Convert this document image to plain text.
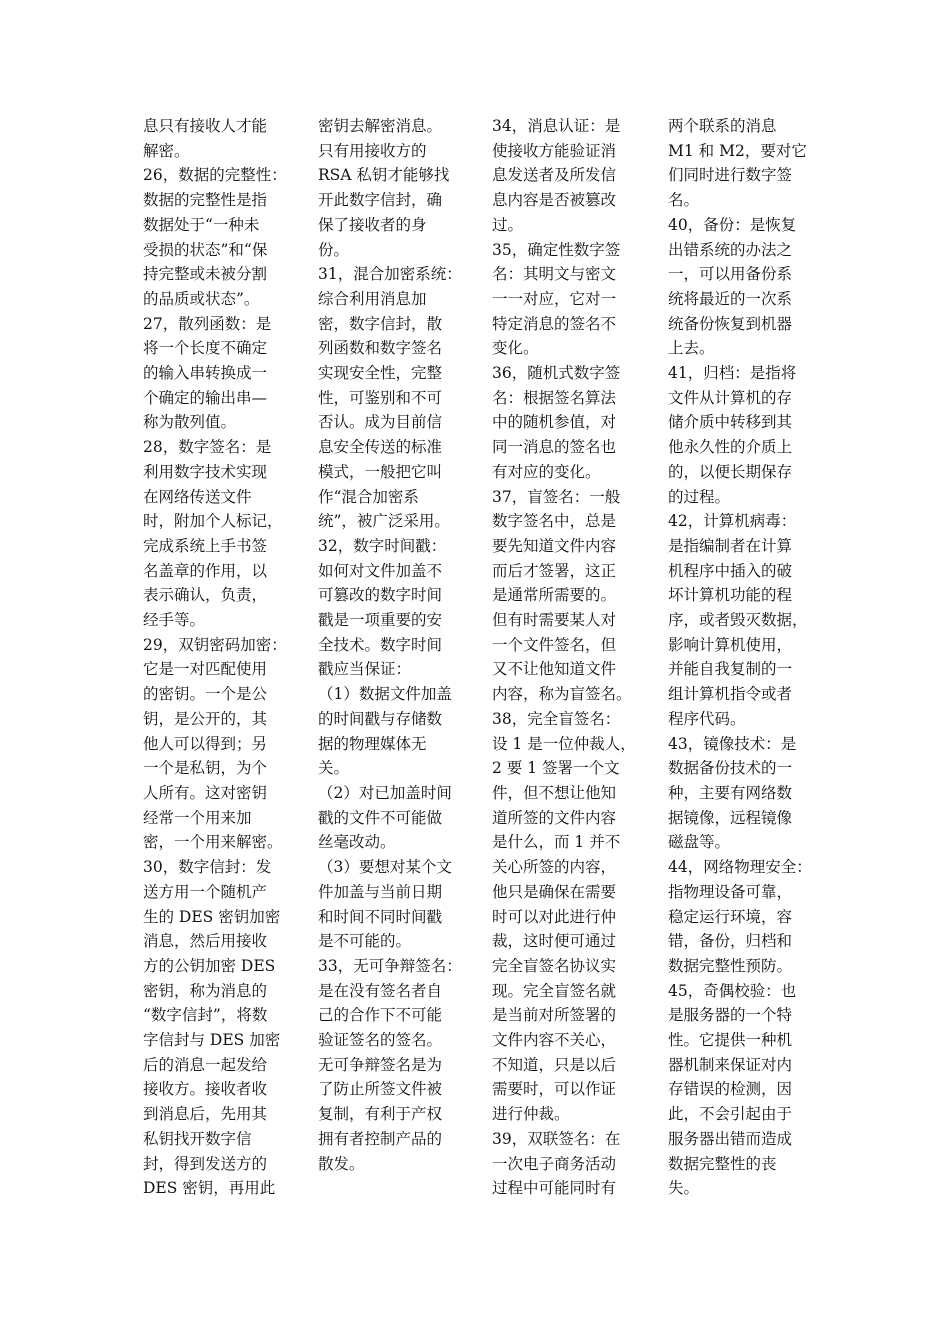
息只有接收人才能
解密。
26，数据的完整性：
数据的完整性是指
数据处于“一种未
受损的状态”和“保
持完整或未被分割
的品质或状态”。
27，散列函数：是
将一个长度不确定
的输入串转换成一
个确定的输出串—
称为散列值。
28，数字签名：是
利用数字技术实现
在网络传送文件
时，附加个人标记，
完成系统上手书签
名盖章的作用，以
表示确认，负责，
经手等。
29，双钥密码加密：
它是一对匹配使用
的密钥。一个是公
钥，是公开的，其
他人可以得到；另
一个是私钥，为个
人所有。这对密钥
经常一个用来加
密，一个用来解密。
30，数字信封：发
送方用一个随机产
生的 DES 密钥加密
消息，然后用接收
方的公钥加密 DES
密钥，称为消息的
“数字信封”，将数
字信封与 DES 加密
后的消息一起发给
接收方。接收者收
到消息后，先用其
私钥找开数字信
封，得到发送方的
DES 密钥，再用此
密钥去解密消息。
只有用接收方的
RSA 私钥才能够找
开此数字信封，确
保了接收者的身
份。
31，混合加密系统：
综合利用消息加
密，数字信封，散
列函数和数字签名
实现安全性，完整
性，可鉴别和不可
否认。成为目前信
息安全传送的标准
模式，一般把它叫
作“混合加密系
统”，被广泛采用。
32，数字时间戳：
如何对文件加盖不
可篡改的数字时间
戳是一项重要的安
全技术。数字时间
戳应当保证：
（1）数据文件加盖
的时间戳与存储数
据的物理媒体无
关。
（2）对已加盖时间
戳的文件不可能做
丝毫改动。
（3）要想对某个文
件加盖与当前日期
和时间不同时间戳
是不可能的。
33，无可争辩签名：
是在没有签名者自
己的合作下不可能
验证签名的签名。
无可争辩签名是为
了防止所签文件被
复制，有利于产权
拥有者控制产品的
散发。
34，消息认证：是
使接收方能验证消
息发送者及所发信
息内容是否被篡改
过。
35，确定性数字签
名：其明文与密文
一一对应，它对一
特定消息的签名不
变化。
36，随机式数字签
名：根据签名算法
中的随机参值，对
同一消息的签名也
有对应的变化。
37，盲签名：一般
数字签名中，总是
要先知道文件内容
而后才签署，这正
是通常所需要的。
但有时需要某人对
一个文件签名，但
又不让他知道文件
内容，称为盲签名。
38，完全盲签名：
设 1 是一位仲裁人，
2 要 1 签署一个文
件，但不想让他知
道所签的文件内容
是什么，而 1 并不
关心所签的内容，
他只是确保在需要
时可以对此进行仲
裁，这时便可通过
完全盲签名协议实
现。完全盲签名就
是当前对所签署的
文件内容不关心，
不知道，只是以后
需要时，可以作证
进行仲裁。
39，双联签名：在
一次电子商务活动
过程中可能同时有
两个联系的消息
M1 和 M2，要对它
们同时进行数字签
名。
40，备份：是恢复
出错系统的办法之
一，可以用备份系
统将最近的一次系
统备份恢复到机器
上去。
41，归档：是指将
文件从计算机的存
储介质中转移到其
他永久性的介质上
的，以便长期保存
的过程。
42，计算机病毒：
是指编制者在计算
机程序中插入的破
坏计算机功能的程
序，或者毁灭数据，
影响计算机使用，
并能自我复制的一
组计算机指令或者
程序代码。
43，镜像技术：是
数据备份技术的一
种，主要有网络数
据镜像，远程镜像
磁盘等。
44，网络物理安全：
指物理设备可靠，
稳定运行环境，容
错，备份，归档和
数据完整性预防。
45，奇偶校验：也
是服务器的一个特
性。它提供一种机
器机制来保证对内
存错误的检测，因
此，不会引起由于
服务器出错而造成
数据完整性的丧
失。
